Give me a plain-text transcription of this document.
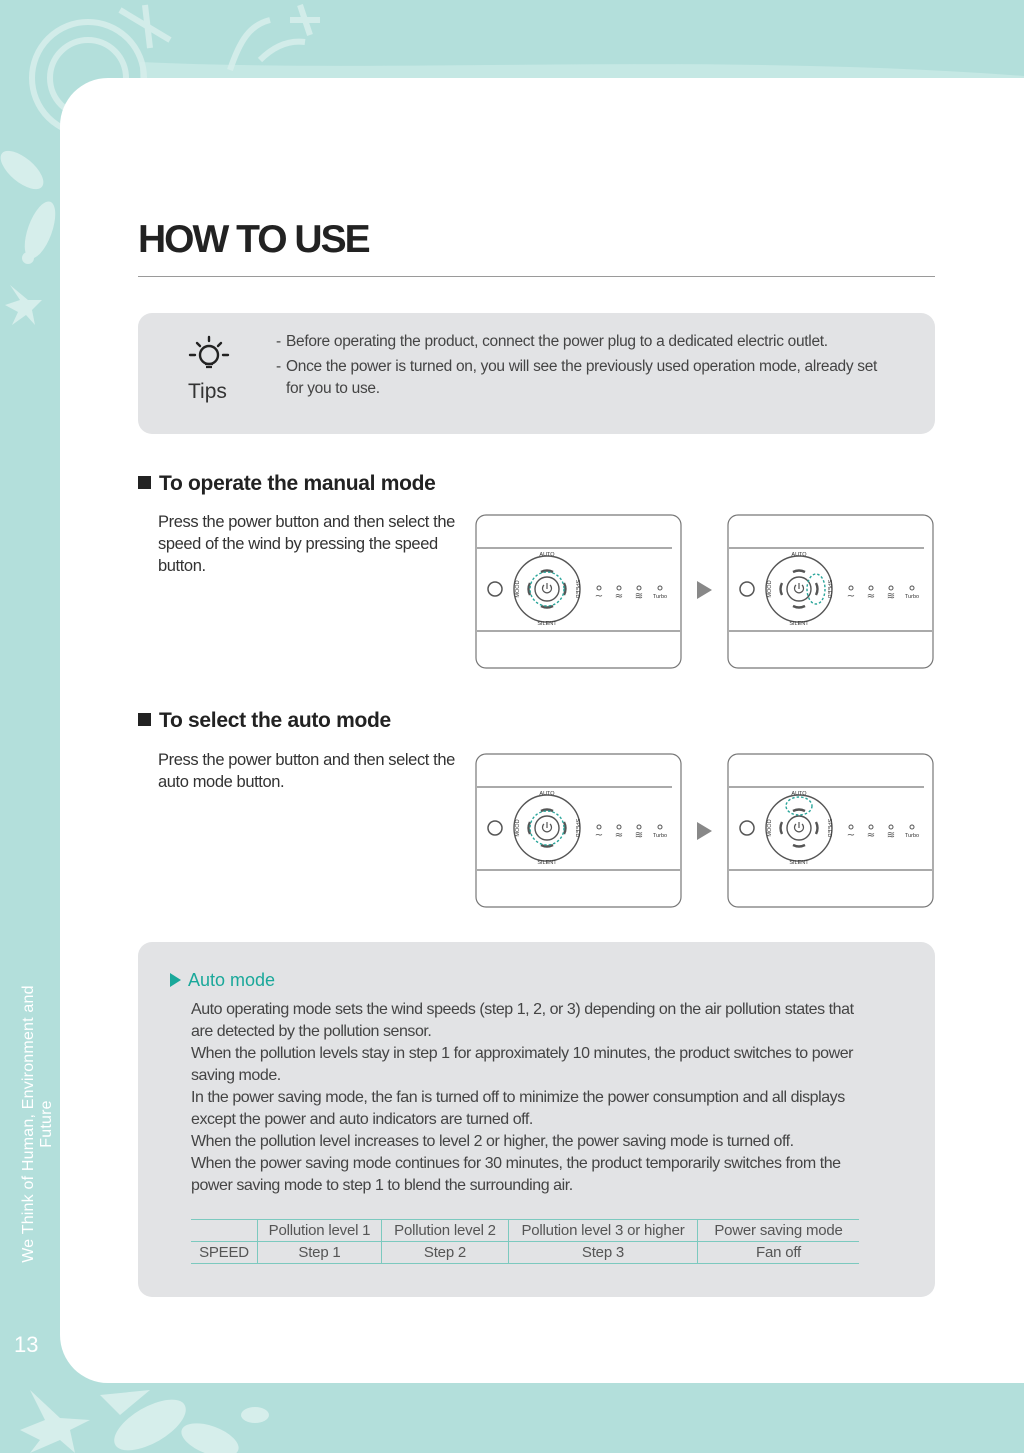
HOW TO USE
Tips
- Before operating the product, connect the power plug to a dedicated electric outlet.
- Once the power is turned on, you will see the previously used operation mode, already set for you to use.
To operate the manual mode
Press the power button and then select the speed of the wind by pressing the speed button.
To select the auto mode
Press the power button and then select the auto mode button.
AUTO
SILENT
MOOD	SPEED ~ ≈ ≋ Turbo
AUTO
SILENT
MOOD	SPEED ~ ≈ ≋ Turbo
AUTO
SILENT
MOOD	SPEED ~ ≈ ≋ Turbo
AUTO
SILENT
MOOD	SPEED ~ ≈ ≋ Turbo
Auto mode

Auto operating mode sets the wind speeds (step 1, 2, or 3) depending on the air pollution states that are detected by the pollution sensor.

When the pollution levels stay in step 1 for approximately 10 minutes, the product switches to power saving mode.

In the power saving mode, the fan is turned off to minimize the power consumption and all displays except the power and auto indicators are turned off.

When the pollution level increases to level 2 or higher, the power saving mode is turned off.

When the power saving mode continues for 30 minutes, the product temporarily switches from the power saving mode to step 1 to blend the surrounding air.

	Pollution level 1	Pollution level 2	Pollution level 3 or higher	Power saving mode
SPEED	Step 1	Step 2	Step 3	Fan off
We Think of Human, Environment and Future
13
